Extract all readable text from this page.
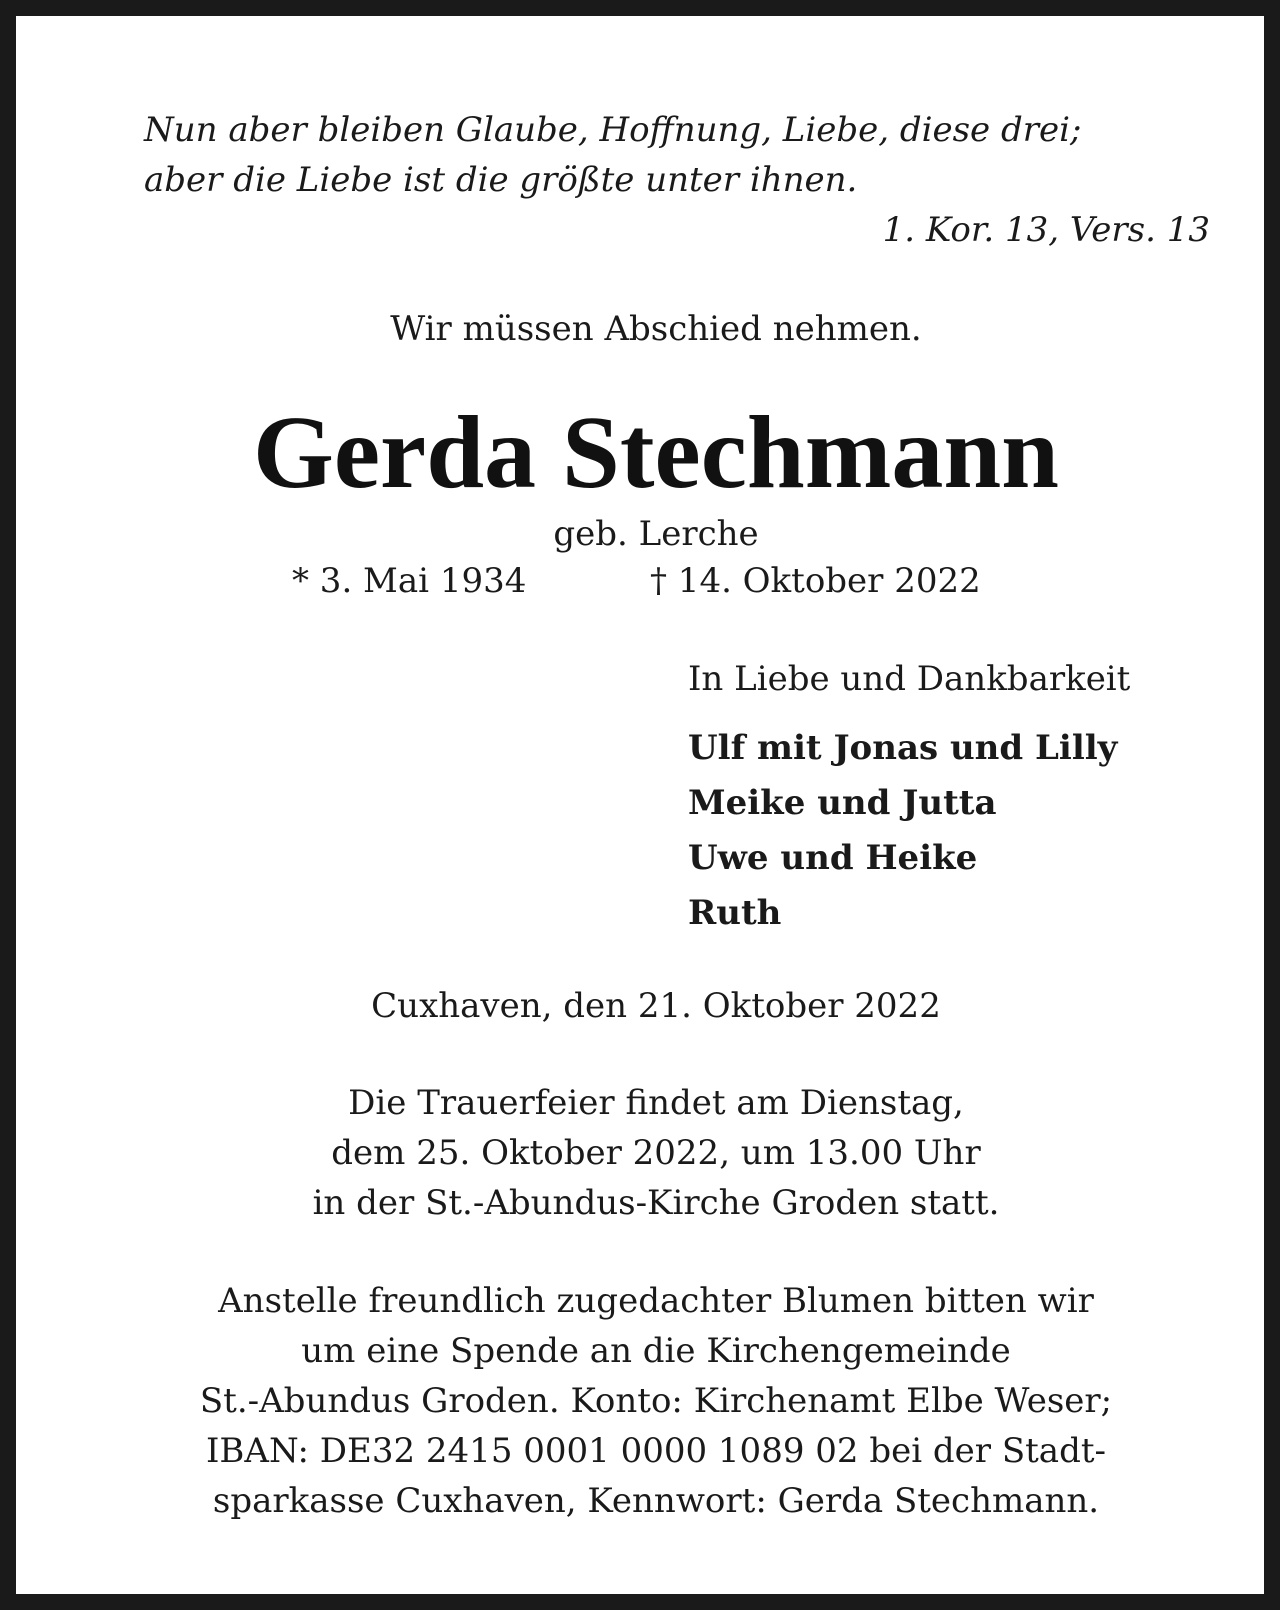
Nun aber bleiben Glaube, Hoffnung, Liebe, diese drei;
aber die Liebe ist die größte unter ihnen.
1. Kor. 13, Vers. 13
Wir müssen Abschied nehmen.
Gerda Stechmann
geb. Lerche
* 3. Mai 1934	† 14. Oktober 2022
In Liebe und Dankbarkeit
Ulf mit Jonas und Lilly
Meike und Jutta
Uwe und Heike
Ruth
Cuxhaven, den 21. Oktober 2022
Die Trauerfeier findet am Dienstag,
dem 25. Oktober 2022, um 13.00 Uhr
in der St.-Abundus-Kirche Groden statt.
Anstelle freundlich zugedachter Blumen bitten wir
um eine Spende an die Kirchengemeinde
St.-Abundus Groden. Konto: Kirchenamt Elbe Weser;
IBAN: DE32 2415 0001 0000 1089 02 bei der Stadt-
sparkasse Cuxhaven, Kennwort: Gerda Stechmann.
